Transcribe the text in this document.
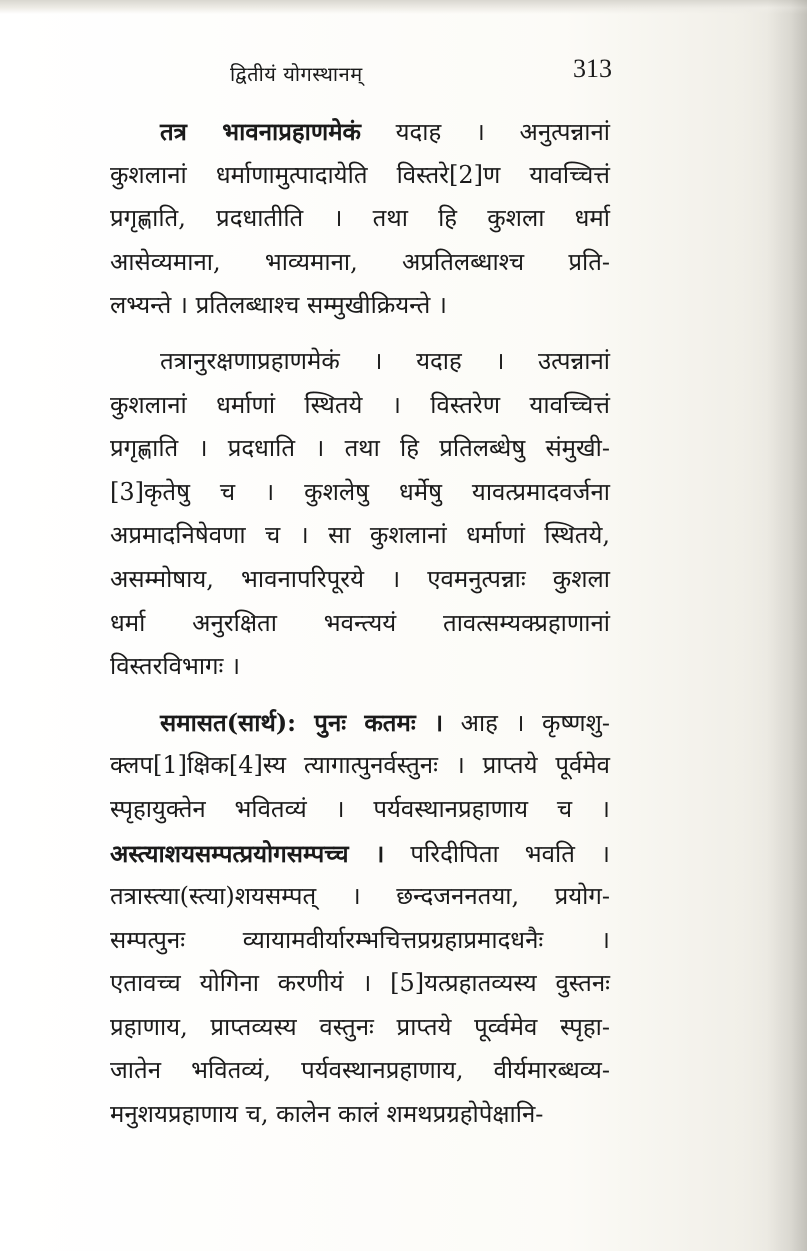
द्वितीयं योगस्थानम्	313
तत्र भावनाप्रहाणमेकं यदाह । अनुत्पन्नानां
कुशलानां धर्माणामुत्पादायेति विस्तरे[2]ण यावच्चित्तं
प्रगृह्णाति, प्रदधातीति । तथा हि कुशला धर्मा
आसेव्यमाना, भाव्यमाना, अप्रतिलब्धाश्च प्रति-
लभ्यन्ते । प्रतिलब्धाश्च सम्मुखीक्रियन्ते ।
तत्रानुरक्षणाप्रहाणमेकं । यदाह । उत्पन्नानां
कुशलानां धर्माणां स्थितये । विस्तरेण यावच्चित्तं
प्रगृह्णाति । प्रदधाति । तथा हि प्रतिलब्धेषु संमुखी-
[3]कृतेषु च । कुशलेषु धर्मेषु यावत्प्रमादवर्जना
अप्रमादनिषेवणा च । सा कुशलानां धर्माणां स्थितये,
असम्मोषाय, भावनापरिपूरये । एवमनुत्पन्नाः कुशला
धर्मा अनुरक्षिता भवन्त्ययं तावत्सम्यक्प्रहाणानां
विस्तरविभागः ।
समासत(सार्थ): पुनः कतमः । आह । कृष्णशु-
क्लप[1]क्षिक[4]स्य त्यागात्पुनर्वस्तुनः । प्राप्तये पूर्वमेव
स्पृहायुक्तेन भवितव्यं । पर्यवस्थानप्रहाणाय च ।
अस्त्याशयसम्पत्प्रयोगसम्पच्च । परिदीपिता भवति ।
तत्रास्त्या(स्त्या)शयसम्पत् । छन्दजननतया, प्रयोग-
सम्पत्पुनः व्यायामवीर्यारम्भचित्तप्रग्रहाप्रमादधनैः ।
एतावच्च योगिना करणीयं । [5]यत्प्रहातव्यस्य वुस्तनः
प्रहाणाय, प्राप्तव्यस्य वस्तुनः प्राप्तये पूर्व्वमेव स्पृहा-
जातेन भवितव्यं, पर्यवस्थानप्रहाणाय, वीर्यमारब्धव्य-
मनुशयप्रहाणाय च, कालेन कालं शमथप्रग्रहोपेक्षानि-
